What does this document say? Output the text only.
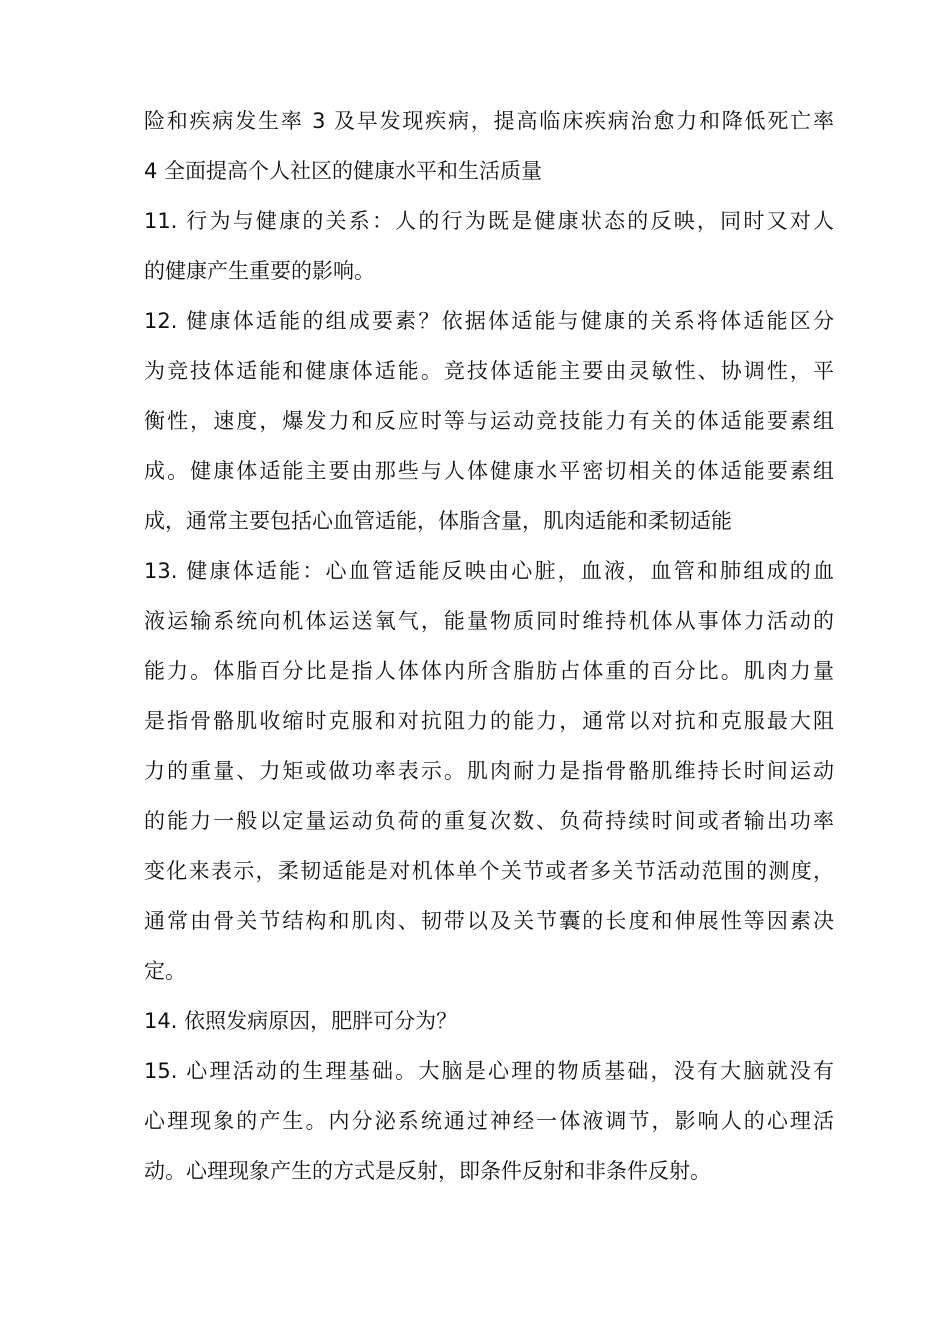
险和疾病发生率 3 及早发现疾病，提高临床疾病治愈力和降低死亡率
4 全面提高个人社区的健康水平和生活质量
11. 行为与健康的关系：人的行为既是健康状态的反映，同时又对人
的健康产生重要的影响。
12. 健康体适能的组成要素？依据体适能与健康的关系将体适能区分
为竞技体适能和健康体适能。竞技体适能主要由灵敏性、协调性，平
衡性，速度，爆发力和反应时等与运动竞技能力有关的体适能要素组
成。健康体适能主要由那些与人体健康水平密切相关的体适能要素组
成，通常主要包括心血管适能，体脂含量，肌肉适能和柔韧适能
13. 健康体适能：心血管适能反映由心脏，血液，血管和肺组成的血
液运输系统向机体运送氧气，能量物质同时维持机体从事体力活动的
能力。体脂百分比是指人体体内所含脂肪占体重的百分比。肌肉力量
是指骨骼肌收缩时克服和对抗阻力的能力，通常以对抗和克服最大阻
力的重量、力矩或做功率表示。肌肉耐力是指骨骼肌维持长时间运动
的能力一般以定量运动负荷的重复次数、负荷持续时间或者输出功率
变化来表示，柔韧适能是对机体单个关节或者多关节活动范围的测度，
通常由骨关节结构和肌肉、韧带以及关节囊的长度和伸展性等因素决
定。
14. 依照发病原因，肥胖可分为？
15. 心理活动的生理基础。大脑是心理的物质基础，没有大脑就没有
心理现象的产生。内分泌系统通过神经一体液调节，影响人的心理活
动。心理现象产生的方式是反射，即条件反射和非条件反射。
